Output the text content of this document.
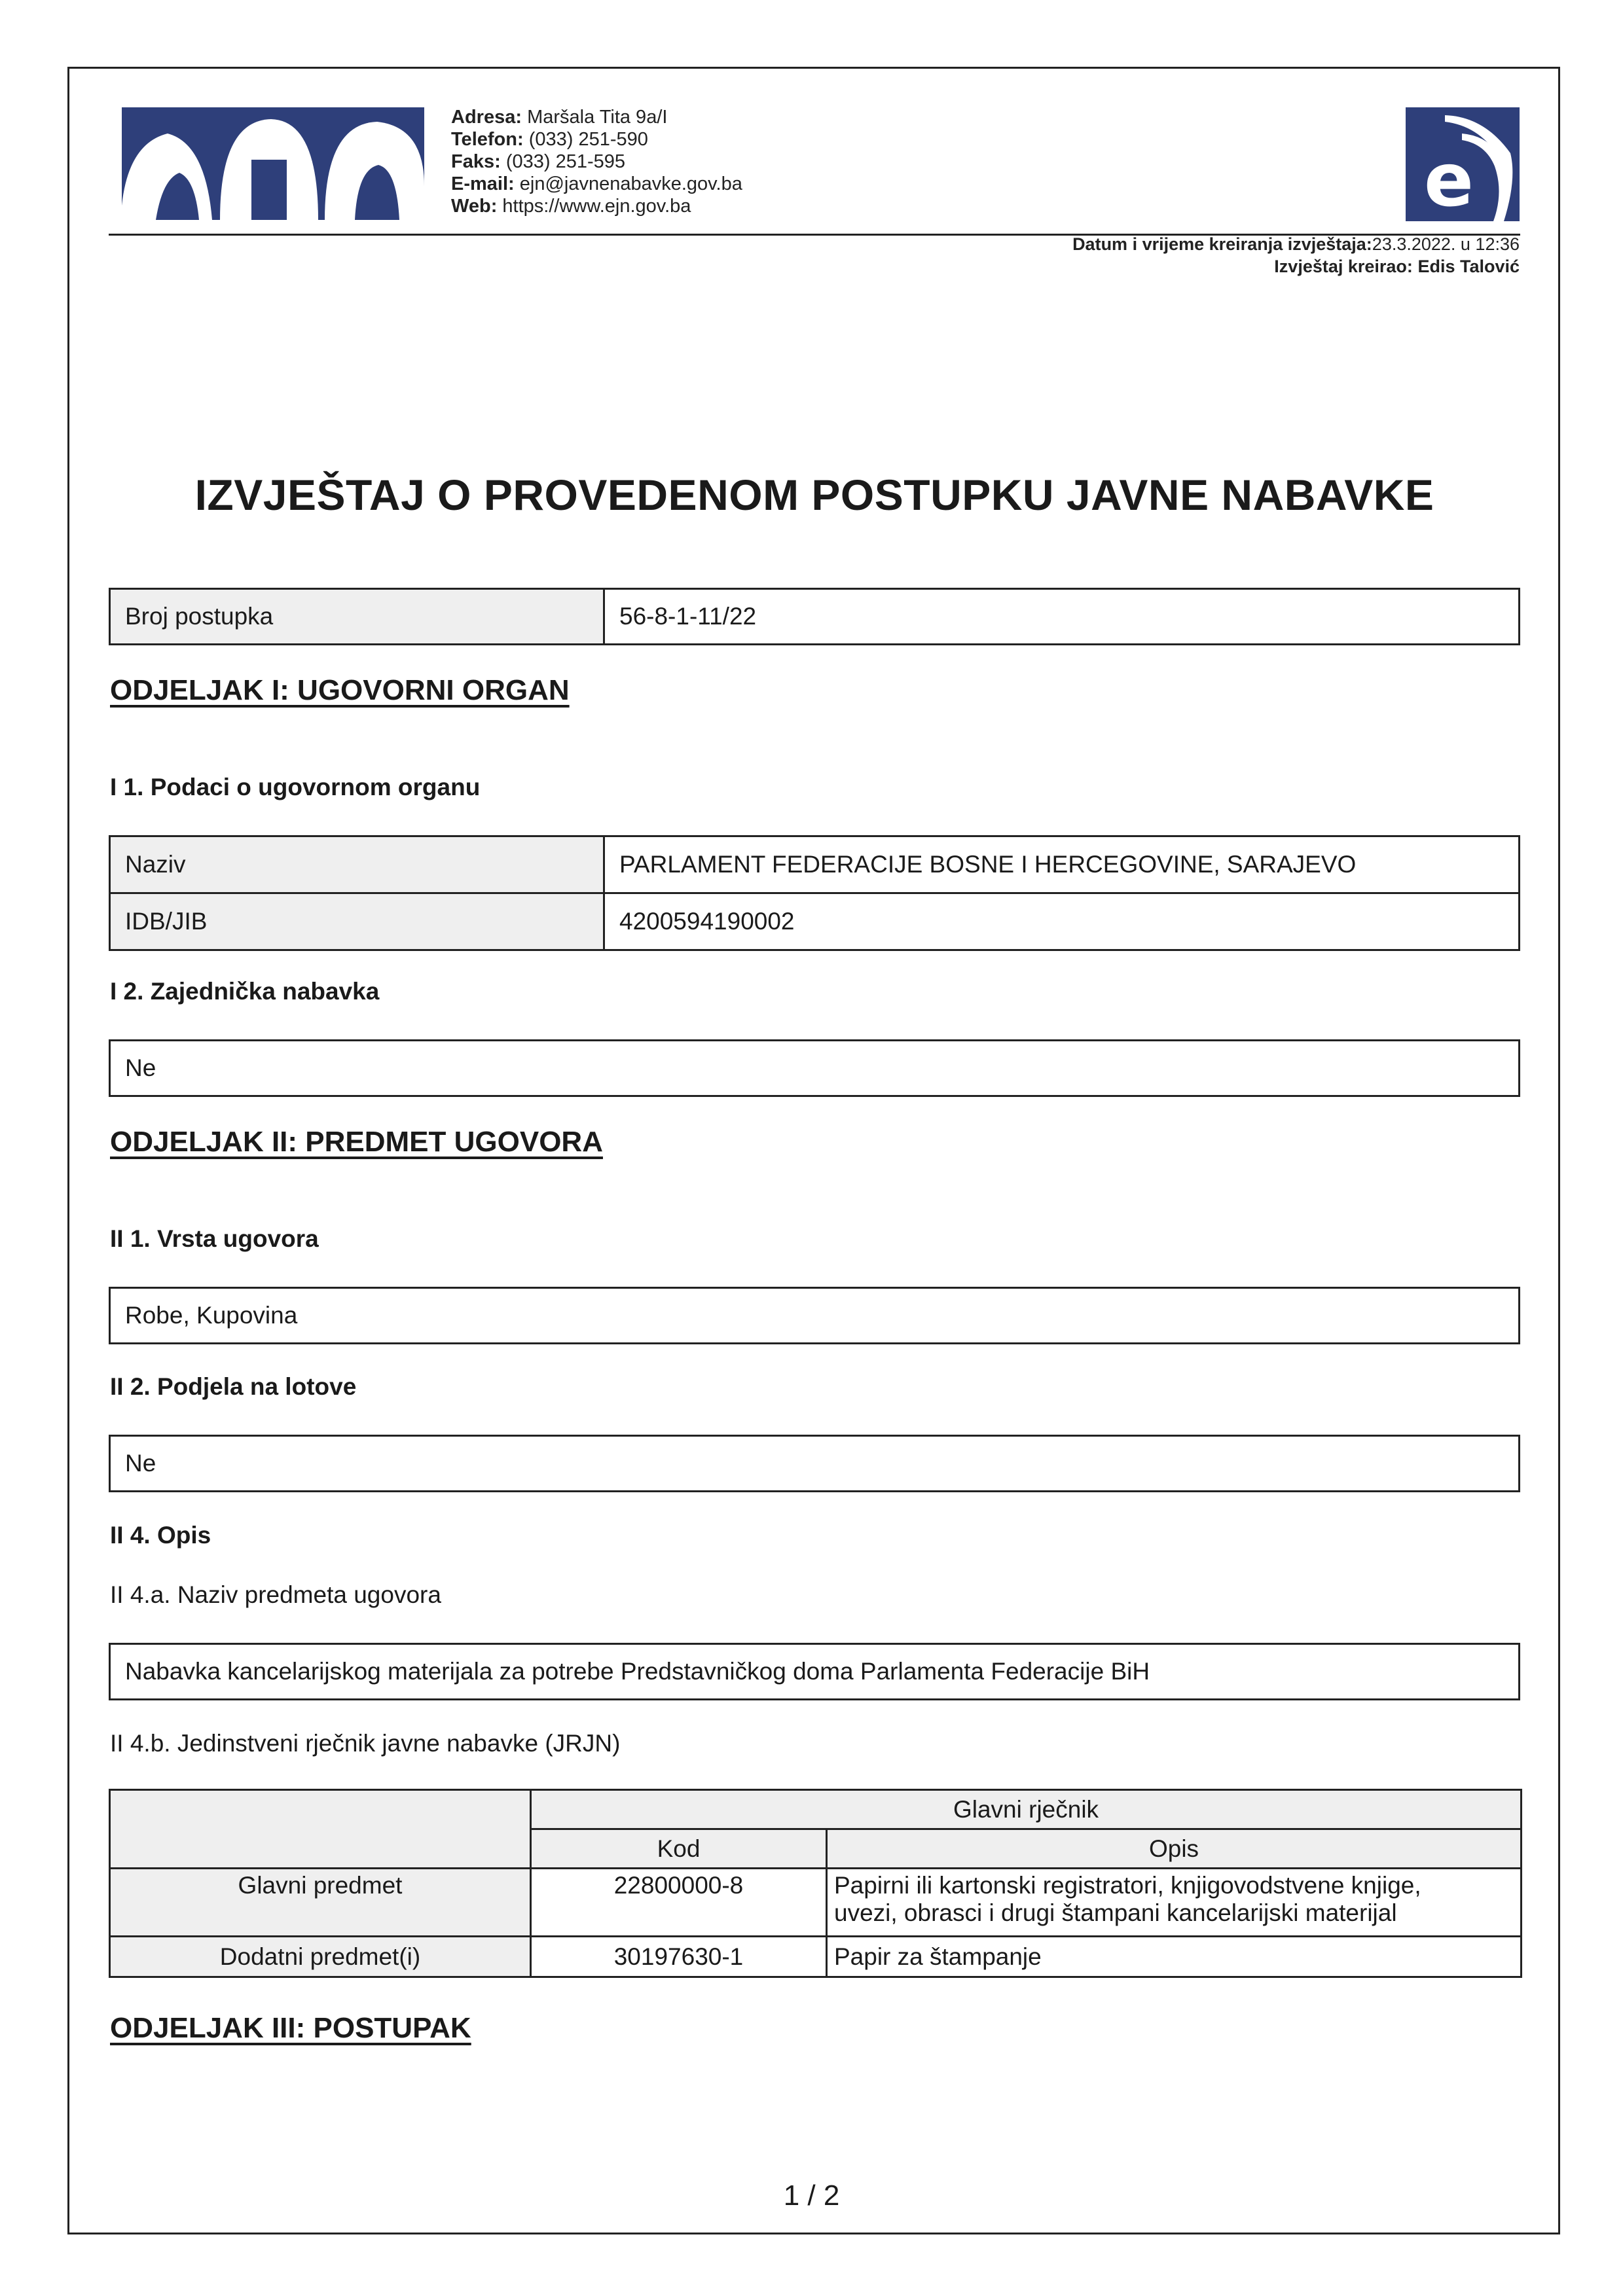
Adresa: Maršala Tita 9a/I
Telefon: (033) 251-590
Faks: (033) 251-595
E-mail: ejn@javnenabavke.gov.ba
Web: https://www.ejn.gov.ba	e
Datum i vrijeme kreiranja izvještaja:23.3.2022. u 12:36
Izvještaj kreirao: Edis Talović
IZVJEŠTAJ O PROVEDENOM POSTUPKU JAVNE NABAVKE
Broj postupka	56-8-1-11/22
ODJELJAK I: UGOVORNI ORGAN
I 1. Podaci o ugovornom organu
Naziv	PARLAMENT FEDERACIJE BOSNE I HERCEGOVINE, SARAJEVO
IDB/JIB	4200594190002
I 2. Zajednička nabavka
Ne
ODJELJAK II: PREDMET UGOVORA
II 1. Vrsta ugovora
Robe, Kupovina
II 2. Podjela na lotove
Ne
II 4. Opis
II 4.a. Naziv predmeta ugovora
Nabavka kancelarijskog materijala za potrebe Predstavničkog doma Parlamenta Federacije BiH
II 4.b. Jedinstveni rječnik javne nabavke (JRJN)
	Glavni rječnik	
	Kod	Opis
Glavni predmet	22800000-8	Papirni ili kartonski registratori, knjigovodstvene knjige,
uvezi, obrasci i drugi štampani kancelarijski materijal

Dodatni predmet(i)	30197630-1	Papir za štampanje
ODJELJAK III: POSTUPAK
1 / 2
